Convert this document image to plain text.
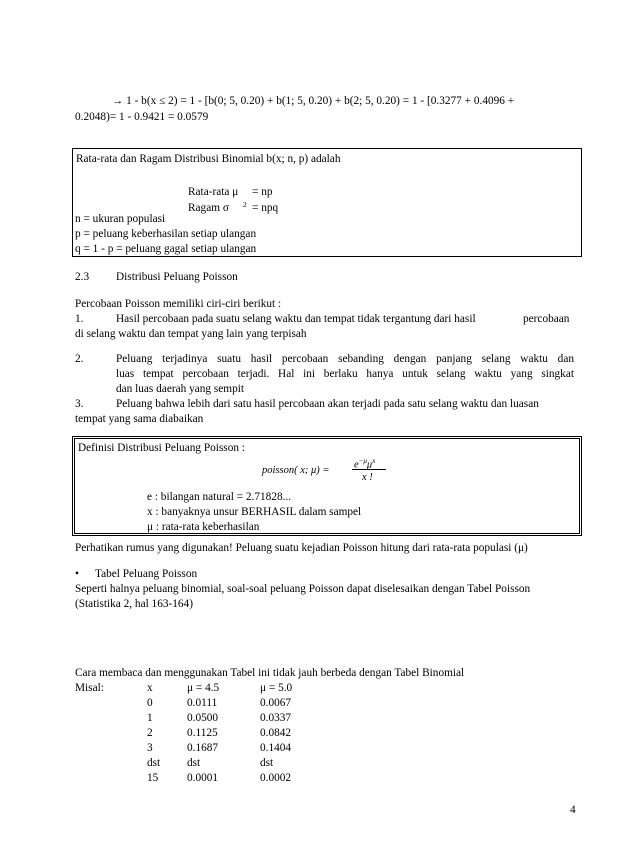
→ 1 - b(x ≤ 2) = 1 - [b(0; 5, 0.20) + b(1; 5, 0.20) + b(2; 5, 0.20) = 1 - [0.3277 + 0.4096 +
0.2048)= 1 - 0.9421 = 0.0579
Rata-rata dan Ragam Distribusi Binomial b(x; n, p) adalah
Rata-rata μ = np
Ragam σ 2 = npq
n = ukuran populasi
p = peluang keberhasilan setiap ulangan
q = 1 - p = peluang gagal setiap ulangan
2.3 Distribusi Peluang Poisson
Percobaan Poisson memiliki ciri-ciri berikut :
1.	Hasil percobaan pada suatu selang waktu dan tempat tidak tergantung dari hasil	percobaan
di selang waktu dan tempat yang lain yang terpisah
2.	Peluang terjadinya suatu hasil percobaan sebanding dengan panjang selang waktu dan
luas tempat percobaan terjadi. Hal ini berlaku hanya untuk selang waktu yang singkat
dan luas daerah yang sempit
3.	Peluang bahwa lebih dari satu hasil percobaan akan terjadi pada satu selang waktu dan luasan
tempat yang sama diabaikan
Definisi Distribusi Peluang Poisson :
poisson( x; $\mu) = e^{-\mu}\mu^x$
x !
e : bilangan natural = 2.71828...
x : banyaknya unsur BERHASIL dalam sampel
μ : rata-rata keberhasilan
Perhatikan rumus yang digunakan! Peluang suatu kejadian Poisson hitung dari rata-rata populasi (μ)
• Tabel Peluang Poisson
Seperti halnya peluang binomial, soal-soal peluang Poisson dapat diselesaikan dengan Tabel Poisson
(Statistika 2, hal 163-164)
Cara membaca dan menggunakan Tabel ini tidak jauh berbeda dengan Tabel Binomial
Misal:	x	μ = 4.5	μ = 5.0
0	0.0111	0.0067
1	0.0500	0.0337
2	0.1125	0.0842
3	0.1687	0.1404
dst	dst	dst
15	0.0001	0.0002
4
